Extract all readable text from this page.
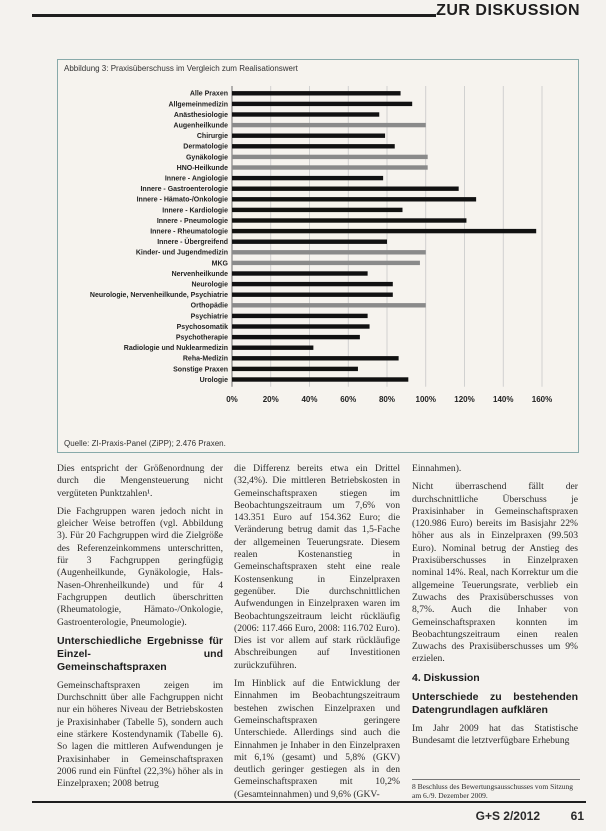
ZUR DISKUSSION
Abbildung 3: Praxisüberschuss im Vergleich zum Realisationswert
0%	20%	40%	60%	80%	100% 120% 140% 160%
Alle Praxen
Allgemeinmedizin
Anästhesiologie
Augenheilkunde
Chirurgie
Dermatologie
Gynäkologie
HNO-Heilkunde
Innere - Angiologie
Innere - Gastroenterologie
Innere - Hämato-/Onkologie
Innere - Kardiologie
Innere - Pneumologie
Innere - Rheumatologie
Innere - Übergreifend
Kinder- und Jugendmedizin
MKG
Nervenheilkunde
Neurologie
Neurologie, Nervenheilkunde, Psychiatrie
Orthopädie
Psychiatrie
Psychosomatik
Psychotherapie
Radiologie und Nuklearmedizin
Reha-Medizin
Sonstige Praxen
Urologie
Quelle: ZI-Praxis-Panel (ZiPP); 2.476 Praxen.

Dies entspricht der Größenordnung der durch die Mengensteuerung nicht vergüteten Punktzahlen¹.

Die Fachgruppen waren jedoch nicht in gleicher Weise betroffen (vgl. Abbildung 3). Für 20 Fachgruppen wird die Zielgröße des Referenzeinkommens unterschritten, für 3 Fachgruppen geringfügig (Augenheilkunde, Gynäkologie, Hals-Nasen-Ohrenheilkunde) und für 4 Fachgruppen deutlich überschritten (Rheumatologie, Hämato-/Onkologie, Gastroenterologie, Pneumologie).

Unterschiedliche Ergebnisse für Einzel- und Gemeinschaftspraxen

Gemeinschaftspraxen zeigen im Durchschnitt über alle Fachgruppen nicht nur ein höheres Niveau der Betriebskosten je Praxisinhaber (Tabelle 5), sondern auch eine stärkere Kostendynamik (Tabelle 6). So lagen die mittleren Aufwendungen je Praxisinhaber in Gemeinschaftspraxen 2006 rund ein Fünftel (22,3%) höher als in Einzelpraxen; 2008 betrug

die Differenz bereits etwa ein Drittel (32,4%). Die mittleren Betriebskosten in Gemeinschaftspraxen stiegen im Beobachtungszeitraum um 7,6% von 143.351 Euro auf 154.362 Euro; die Veränderung betrug damit das 1,5-Fache der allgemeinen Teuerungsrate. Diesem realen Kostenanstieg in Gemeinschaftspraxen steht eine reale Kostensenkung in Einzelpraxen gegenüber. Die durchschnittlichen Aufwendungen in Einzelpraxen waren im Beobachtungszeitraum leicht rückläufig (2006: 117.466 Euro, 2008: 116.702 Euro). Dies ist vor allem auf stark rückläufige Abschreibungen auf Investitionen zurückzuführen.

Im Hinblick auf die Entwicklung der Einnahmen im Beobachtungszeitraum bestehen zwischen Einzelpraxen und Gemeinschaftspraxen geringere Unterschiede. Allerdings sind auch die Einnahmen je Inhaber in den Einzelpraxen mit 6,1% (gesamt) und 5,8% (GKV) deutlich geringer gestiegen als in den Gemeinschaftspraxen mit 10,2% (Gesamteinnahmen) und 9,6% (GKV-

Einnahmen).

Nicht überraschend fällt der durchschnittliche Überschuss je Praxisinhaber in Gemeinschaftspraxen (120.986 Euro) bereits im Basisjahr 22% höher aus als in Einzelpraxen (99.503 Euro). Nominal betrug der Anstieg des Praxisüberschusses in Einzelpraxen nominal 14%. Real, nach Korrektur um die allgemeine Teuerungsrate, verblieb ein Zuwachs des Praxisüberschusses von 8,7%. Auch die Inhaber von Gemeinschaftspraxen konnten im Beobachtungszeitraum einen realen Zuwachs des Praxisüberschusses um 9% erzielen.

4. Diskussion
Unterschiede zu bestehenden Datengrundlagen aufklären

Im Jahr 2009 hat das Statistische Bundesamt die letztverfügbare Erhebung

8 Beschluss des Bewertungsausschusses vom Sitzung am 6./9. Dezember 2009.
G+S 2/2012	61
